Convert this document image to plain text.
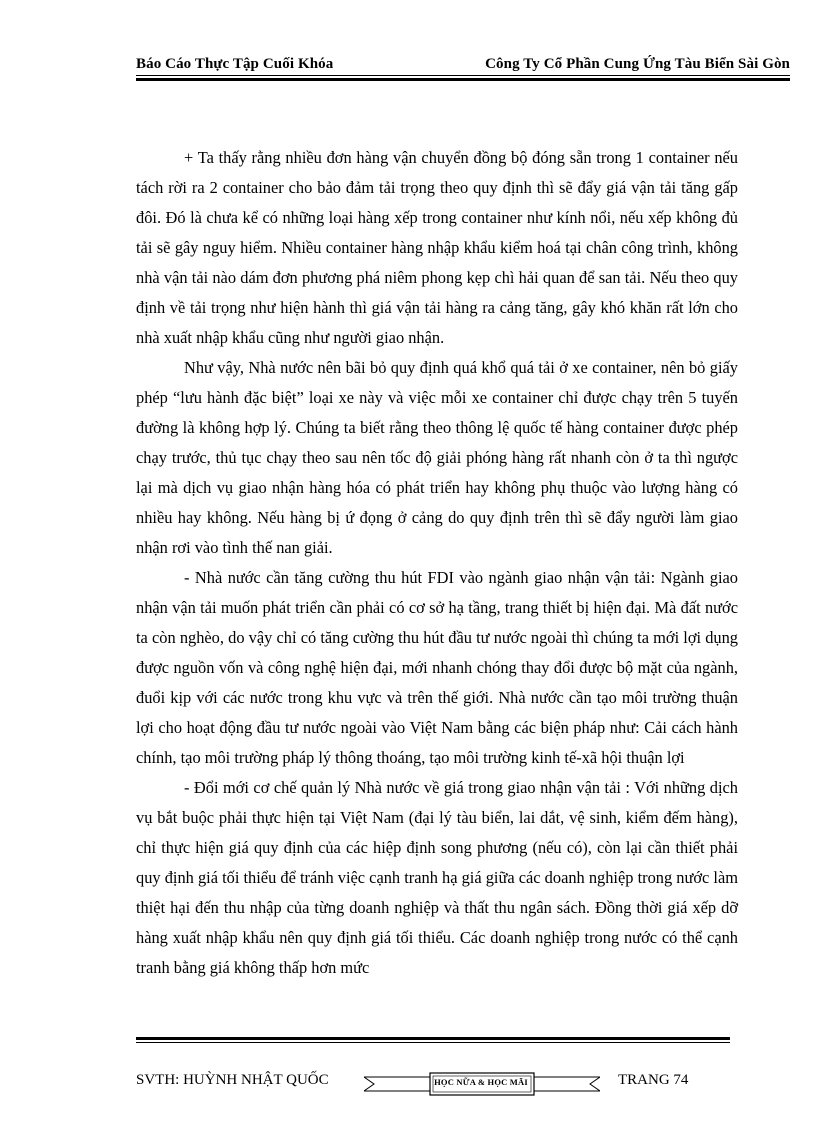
Báo Cáo Thực Tập Cuối Khóa	Công Ty Cổ Phần Cung Ứng Tàu Biển Sài Gòn

+ Ta thấy rằng nhiều đơn hàng vận chuyển đồng bộ đóng sẵn trong 1 container nếu tách rời ra 2 container cho bảo đảm tải trọng theo quy định thì sẽ đẩy giá vận tải tăng gấp đôi. Đó là chưa kể có những loại hàng xếp trong container như kính nổi, nếu xếp không đủ tải sẽ gây nguy hiểm. Nhiều container hàng nhập khẩu kiểm hoá tại chân công trình, không nhà vận tải nào dám đơn phương phá niêm phong kẹp chì hải quan để san tải. Nếu theo quy định về tải trọng như hiện hành thì giá vận tải hàng ra cảng tăng, gây khó khăn rất lớn cho nhà xuất nhập khẩu cũng như người giao nhận.

Như vậy, Nhà nước nên bãi bỏ quy định quá khổ quá tải ở xe container, nên bỏ giấy phép “lưu hành đặc biệt” loại xe này và việc mỗi xe container chỉ được chạy trên 5 tuyến đường là không hợp lý. Chúng ta biết rằng theo thông lệ quốc tế hàng container được phép chạy trước, thủ tục chạy theo sau nên tốc độ giải phóng hàng rất nhanh còn ở ta thì ngược lại mà dịch vụ giao nhận hàng hóa có phát triển hay không phụ thuộc vào lượng hàng có nhiều hay không. Nếu hàng bị ứ đọng ở cảng do quy định trên thì sẽ đẩy người làm giao nhận rơi vào tình thế nan giải.

- Nhà nước cần tăng cường thu hút FDI vào ngành giao nhận vận tải: Ngành giao nhận vận tải muốn phát triển cần phải có cơ sở hạ tầng, trang thiết bị hiện đại. Mà đất nước ta còn nghèo, do vậy chỉ có tăng cường thu hút đầu tư nước ngoài thì chúng ta mới lợi dụng được nguồn vốn và công nghệ hiện đại, mới nhanh chóng thay đổi được bộ mặt của ngành, đuổi kịp với các nước trong khu vực và trên thế giới. Nhà nước cần tạo môi trường thuận lợi cho hoạt động đầu tư nước ngoài vào Việt Nam bằng các biện pháp như: Cải cách hành chính, tạo môi trường pháp lý thông thoáng, tạo môi trường kinh tế-xã hội thuận lợi

- Đổi mới cơ chế quản lý Nhà nước về giá trong giao nhận vận tải : Với những dịch vụ bắt buộc phải thực hiện tại Việt Nam (đại lý tàu biển, lai dắt, vệ sinh, kiểm đếm hàng), chỉ thực hiện giá quy định của các hiệp định song phương (nếu có), còn lại cần thiết phải quy định giá tối thiểu để tránh việc cạnh tranh hạ giá giữa các doanh nghiệp trong nước làm thiệt hại đến thu nhập của từng doanh nghiệp và thất thu ngân sách. Đồng thời giá xếp dỡ hàng xuất nhập khẩu nên quy định giá tối thiểu. Các doanh nghiệp trong nước có thể cạnh tranh bằng giá không thấp hơn mức

SVTH: HUỲNH NHẬT QUỐC	HỌC NỮA & HỌC MÃI	TRANG 74
